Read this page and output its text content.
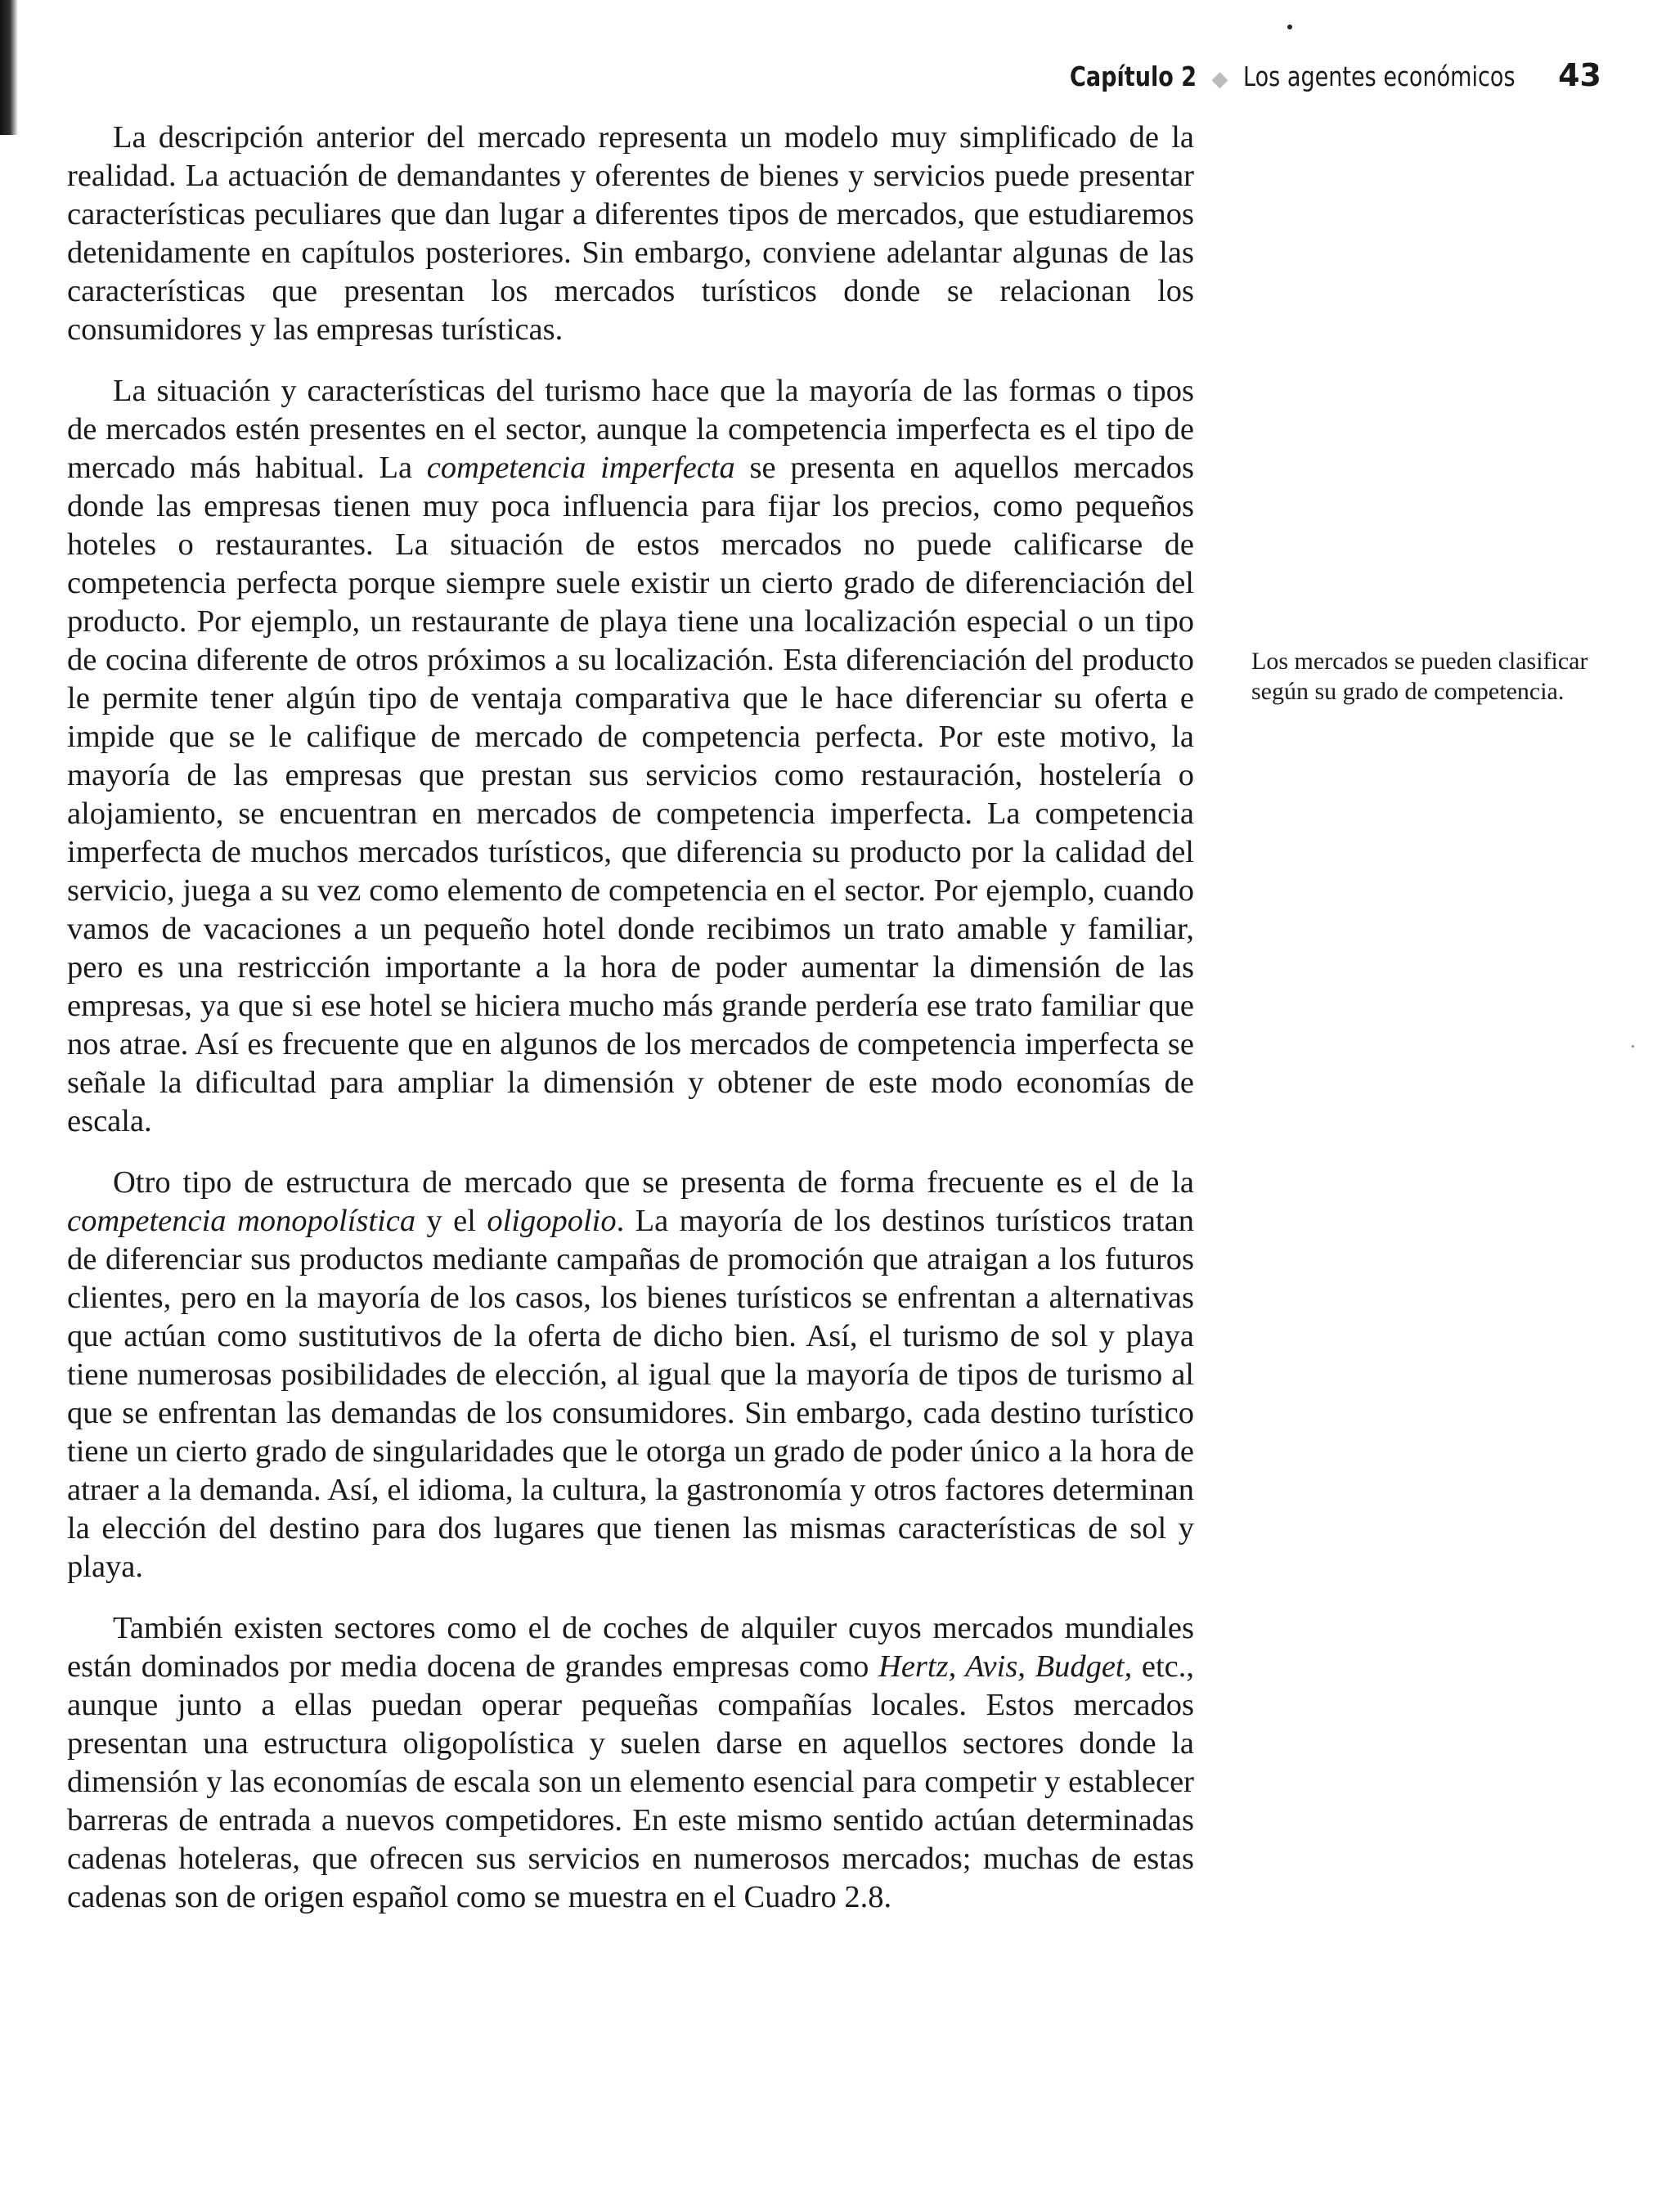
Capítulo 2 ◆ Los agentes económicos 43

La descripción anterior del mercado representa un modelo muy simplificado de la realidad. La actuación de demandantes y oferentes de bienes y servicios puede presentar características peculiares que dan lugar a diferentes tipos de mercados, que estudiaremos detenidamente en capítulos posteriores. Sin embargo, conviene adelantar algunas de las características que presentan los mercados turísticos donde se relacionan los consumidores y las empresas turísticas.

La situación y características del turismo hace que la mayoría de las formas o tipos de mercados estén presentes en el sector, aunque la competencia imperfecta es el tipo de mercado más habitual. La competencia imperfecta se presenta en aquellos mercados donde las empresas tienen muy poca influencia para fijar los precios, como pequeños hoteles o restaurantes. La situación de estos mercados no puede calificarse de competencia perfecta porque siempre suele existir un cierto grado de diferenciación del producto. Por ejemplo, un restaurante de playa tiene una localización especial o un tipo de cocina diferente de otros próximos a su localización. Esta diferenciación del producto le permite tener algún tipo de ventaja comparativa que le hace diferenciar su oferta e impide que se le califique de mercado de competencia perfecta. Por este motivo, la mayoría de las empresas que prestan sus servicios como restauración, hostelería o alojamiento, se encuentran en mercados de competencia imperfecta. La competencia imperfecta de muchos mercados turísticos, que diferencia su producto por la calidad del servicio, juega a su vez como elemento de competencia en el sector. Por ejemplo, cuando vamos de vacaciones a un pequeño hotel donde recibimos un trato amable y familiar, pero es una restricción importante a la hora de poder aumentar la dimensión de las empresas, ya que si ese hotel se hiciera mucho más grande perdería ese trato familiar que nos atrae. Así es frecuente que en algunos de los mercados de competencia imperfecta se señale la dificultad para ampliar la dimensión y obtener de este modo economías de escala.

Otro tipo de estructura de mercado que se presenta de forma frecuente es el de la competencia monopolística y el oligopolio. La mayoría de los destinos turísticos tratan de diferenciar sus productos mediante campañas de promoción que atraigan a los futuros clientes, pero en la mayoría de los casos, los bienes turísticos se enfrentan a alternativas que actúan como sustitutivos de la oferta de dicho bien. Así, el turismo de sol y playa tiene numerosas posibilidades de elección, al igual que la mayoría de tipos de turismo al que se enfrentan las demandas de los consumidores. Sin embargo, cada destino turístico tiene un cierto grado de singularidades que le otorga un grado de poder único a la hora de atraer a la demanda. Así, el idioma, la cultura, la gastronomía y otros factores determinan la elección del destino para dos lugares que tienen las mismas características de sol y playa.

También existen sectores como el de coches de alquiler cuyos mercados mundiales están dominados por media docena de grandes empresas como Hertz, Avis, Budget, etc., aunque junto a ellas puedan operar pequeñas compañías locales. Estos mercados presentan una estructura oligopolística y suelen darse en aquellos sectores donde la dimensión y las economías de escala son un elemento esencial para competir y establecer barreras de entrada a nuevos competidores. En este mismo sentido actúan determinadas cadenas hoteleras, que ofrecen sus servicios en numerosos mercados; muchas de estas cadenas son de origen español como se muestra en el Cuadro 2.8.

Los mercados se pueden clasificar según su grado de competencia.
